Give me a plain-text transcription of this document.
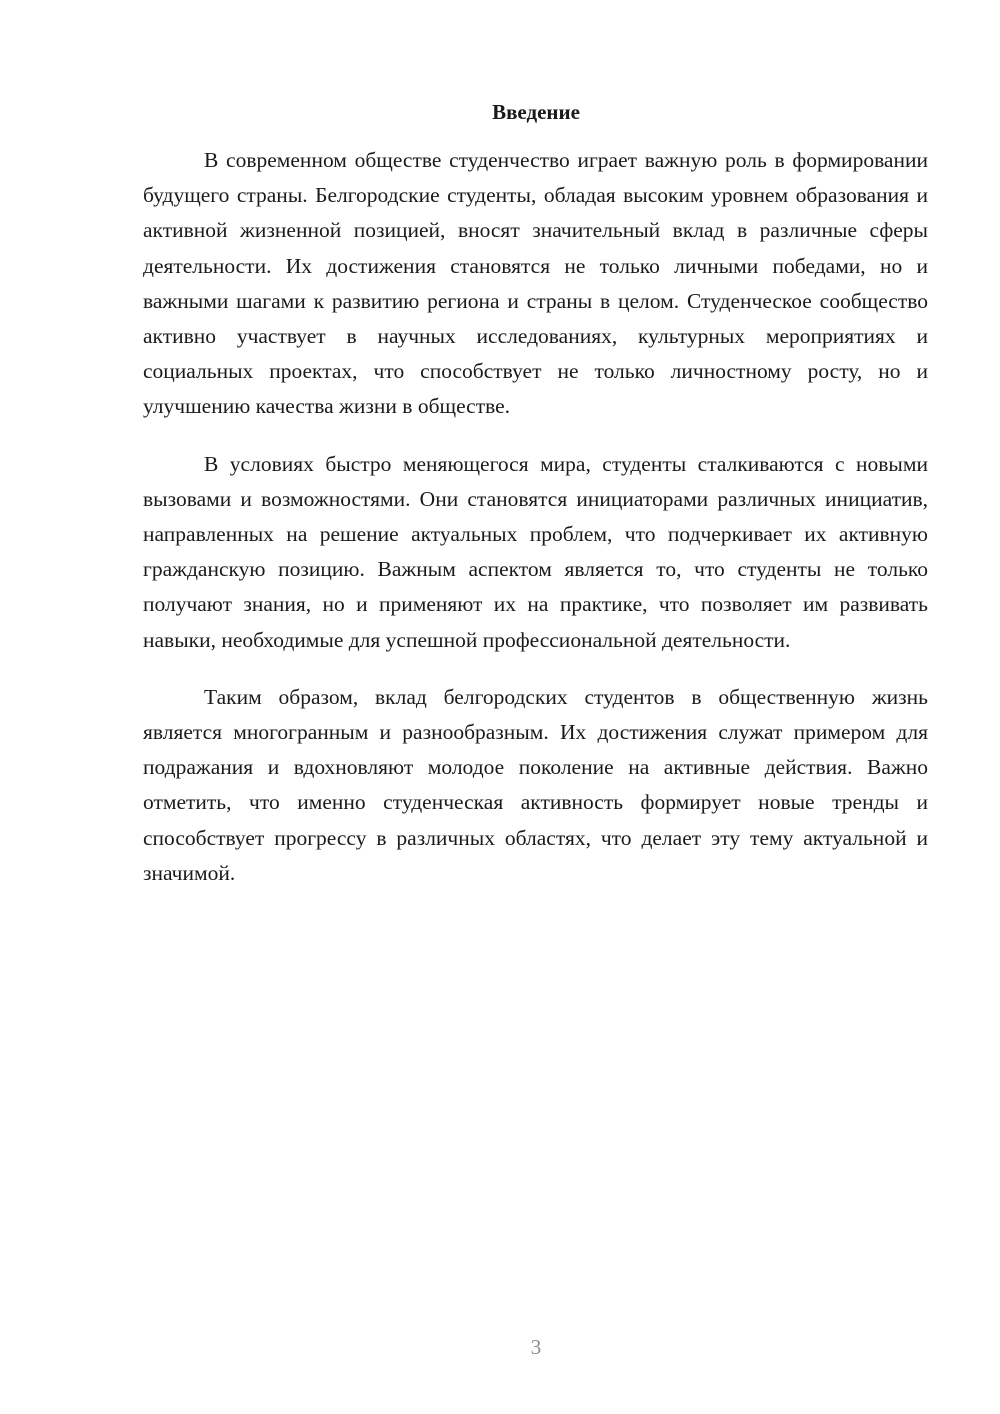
Введение

В современном обществе студенчество играет важную роль в формировании будущего страны. Белгородские студенты, обладая высоким уровнем образования и активной жизненной позицией, вносят значительный вклад в различные сферы деятельности. Их достижения становятся не только личными победами, но и важными шагами к развитию региона и страны в целом. Студенческое сообщество активно участвует в научных исследованиях, культурных мероприятиях и социальных проектах, что способствует не только личностному росту, но и улучшению качества жизни в обществе.

В условиях быстро меняющегося мира, студенты сталкиваются с новыми вызовами и возможностями. Они становятся инициаторами различных инициатив, направленных на решение актуальных проблем, что подчеркивает их активную гражданскую позицию. Важным аспектом является то, что студенты не только получают знания, но и применяют их на практике, что позволяет им развивать навыки, необходимые для успешной профессиональной деятельности.

Таким образом, вклад белгородских студентов в общественную жизнь является многогранным и разнообразным. Их достижения служат примером для подражания и вдохновляют молодое поколение на активные действия. Важно отметить, что именно студенческая активность формирует новые тренды и способствует прогрессу в различных областях, что делает эту тему актуальной и значимой.

3
